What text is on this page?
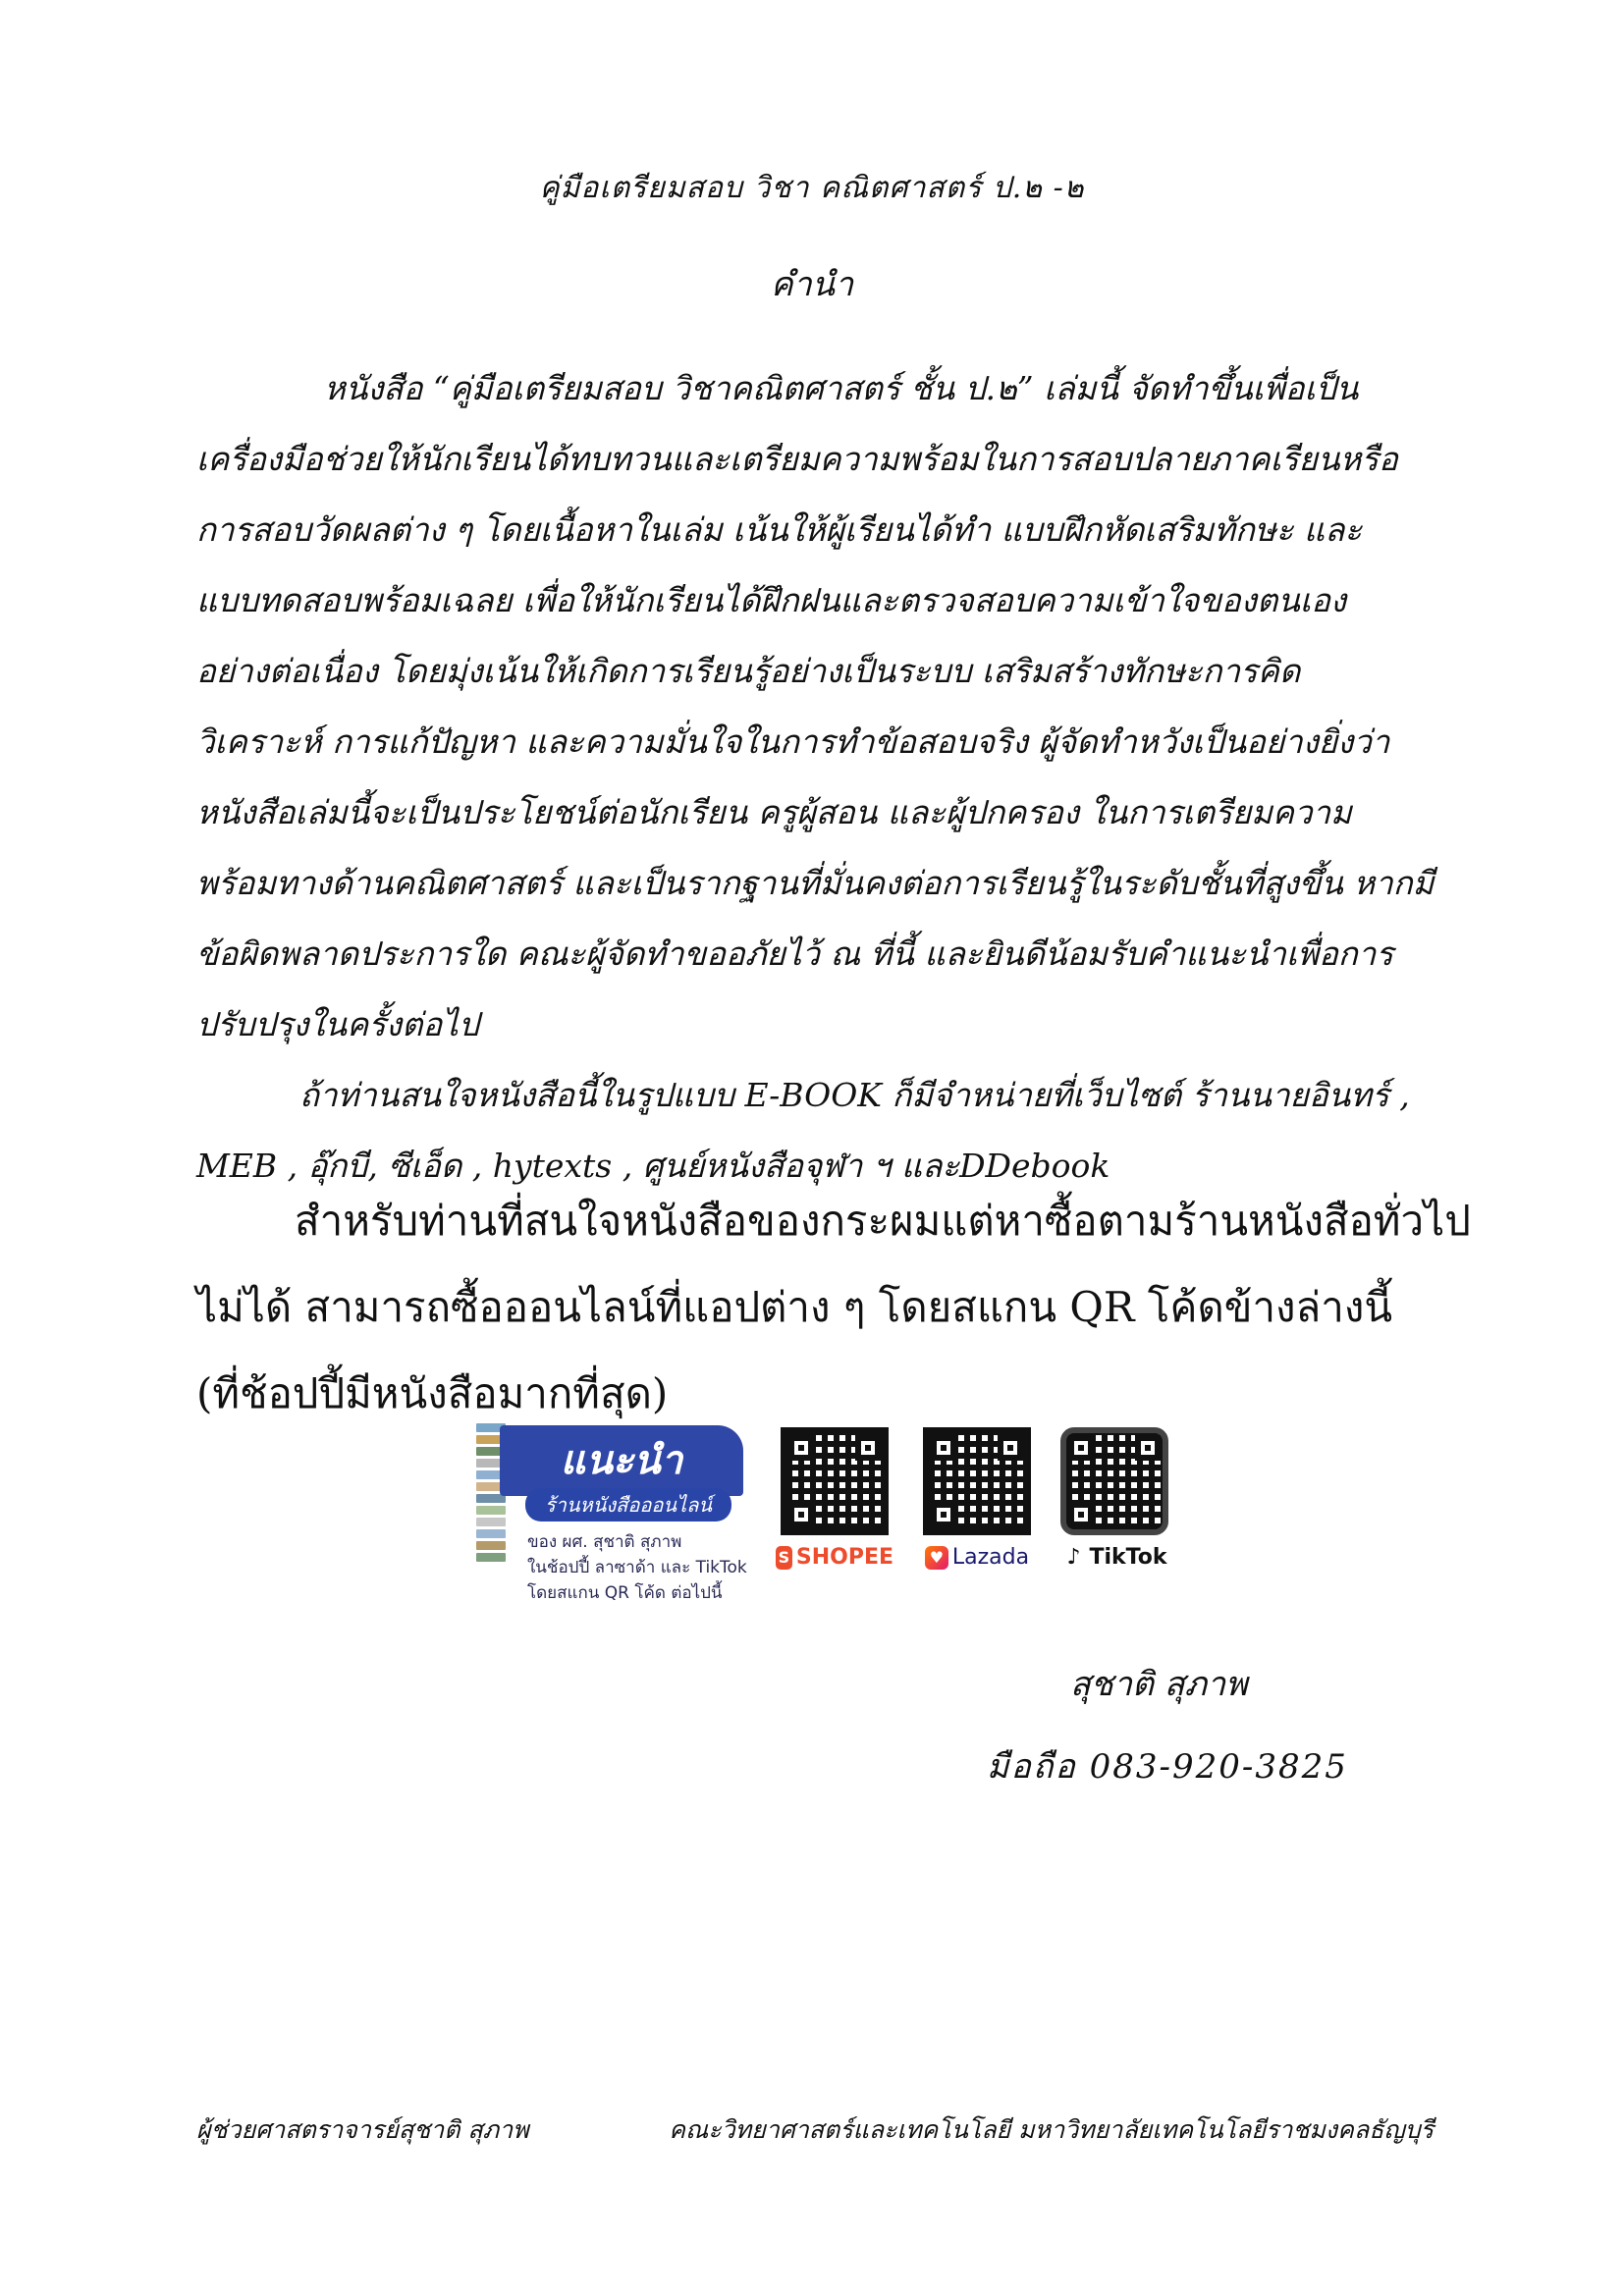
คู่มือเตรียมสอบ วิชา คณิตศาสตร์ ป.๒ -๒
คำนำ
หนังสือ “คู่มือเตรียมสอบ วิชาคณิตศาสตร์ ชั้น ป.๒” เล่มนี้ จัดทำขึ้นเพื่อเป็น
เครื่องมือช่วยให้นักเรียนได้ทบทวนและเตรียมความพร้อมในการสอบปลายภาคเรียนหรือ
การสอบวัดผลต่าง ๆ โดยเนื้อหาในเล่ม เน้นให้ผู้เรียนได้ทำ แบบฝึกหัดเสริมทักษะ และ
แบบทดสอบพร้อมเฉลย เพื่อให้นักเรียนได้ฝึกฝนและตรวจสอบความเข้าใจของตนเอง
อย่างต่อเนื่อง โดยมุ่งเน้นให้เกิดการเรียนรู้อย่างเป็นระบบ เสริมสร้างทักษะการคิด
วิเคราะห์ การแก้ปัญหา และความมั่นใจในการทำข้อสอบจริง ผู้จัดทำหวังเป็นอย่างยิ่งว่า
หนังสือเล่มนี้จะเป็นประโยชน์ต่อนักเรียน ครูผู้สอน และผู้ปกครอง ในการเตรียมความ
พร้อมทางด้านคณิตศาสตร์ และเป็นรากฐานที่มั่นคงต่อการเรียนรู้ในระดับชั้นที่สูงขึ้น หากมี
ข้อผิดพลาดประการใด คณะผู้จัดทำขออภัยไว้ ณ ที่นี้ และยินดีน้อมรับคำแนะนำเพื่อการ
ปรับปรุงในครั้งต่อไป
ถ้าท่านสนใจหนังสือนี้ในรูปแบบ E-BOOK ก็มีจำหน่ายที่เว็บไซต์ ร้านนายอินทร์ ,
MEB , อุ๊กบี, ซีเอ็ด , hytexts , ศูนย์หนังสือจุฬา ฯ และDDebook
สำหรับท่านที่สนใจหนังสือของกระผมแต่หาซื้อตามร้านหนังสือทั่วไป
ไม่ได้ สามารถซื้อออนไลน์ที่แอปต่าง ๆ โดยสแกน QR โค้ดข้างล่างนี้
(ที่ช้อปปี้มีหนังสือมากที่สุด)
แนะนำ
ร้านหนังสือออนไลน์
ของ ผศ. สุชาติ สุภาพ
ในช้อปปี้ ลาซาด้า และ TikTok
โดยสแกน QR โค้ด ต่อไปนี้
S SHOPEE	♥ Lazada ♪ TikTok
สุชาติ สุภาพ
มือถือ 083-920-3825
ผู้ช่วยศาสตราจารย์สุชาติ สุภาพ	คณะวิทยาศาสตร์และเทคโนโลยี มหาวิทยาลัยเทคโนโลยีราชมงคลธัญบุรี
